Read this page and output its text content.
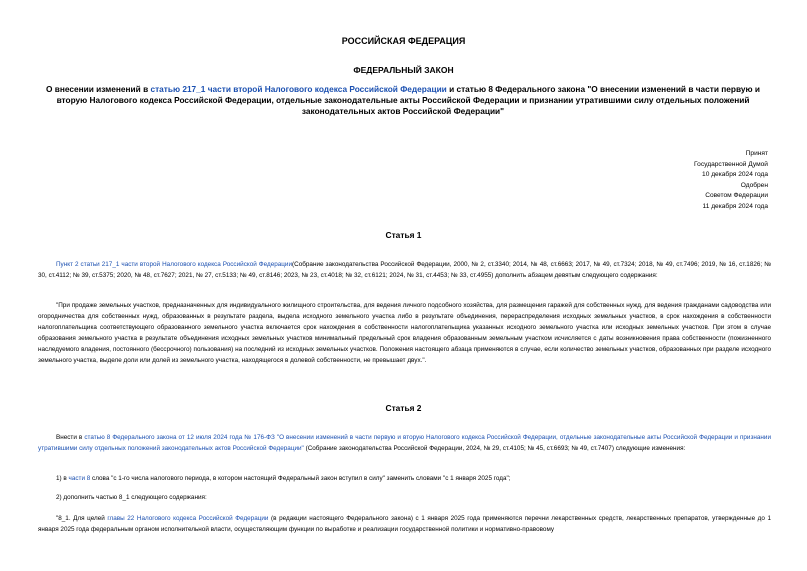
РОССИЙСКАЯ ФЕДЕРАЦИЯ
ФЕДЕРАЛЬНЫЙ ЗАКОН
О внесении изменений в статью 217_1 части второй Налогового кодекса Российской Федерации и статью 8 Федерального закона "О внесении изменений в части первую и вторую Налогового кодекса Российской Федерации, отдельные законодательные акты Российской Федерации и признании утратившими силу отдельных положений законодательных актов Российской Федерации"
Принят
Государственной Думой
10 декабря 2024 года
Одобрен
Советом Федерации
11 декабря 2024 года
Статья 1
Пункт 2 статьи 217_1 части второй Налогового кодекса Российской Федерации(Собрание законодательства Российской Федерации, 2000, № 2, ст.3340; 2014, № 48, ст.6663; 2017, № 49, ст.7324; 2018, № 49, ст.7496; 2019, № 16, ст.1826; № 30, ст.4112; № 39, ст.5375; 2020, № 48, ст.7627; 2021, № 27, ст.5133; № 49, ст.8146; 2023, № 23, ст.4018; № 32, ст.6121; 2024, № 31, ст.4453; № 33, ст.4955) дополнить абзацем девятым следующего содержания:
"При продаже земельных участков, предназначенных для индивидуального жилищного строительства, для ведения личного подсобного хозяйства, для размещения гаражей для собственных нужд, для ведения гражданами садоводства или огородничества для собственных нужд, образованных в результате раздела, выдела исходного земельного участка либо в результате объединения, перераспределения исходных земельных участков, в срок нахождения в собственности налогоплательщика соответствующего образованного земельного участка включается срок нахождения в собственности налогоплательщика указанных исходного земельного участка или исходных земельных участков. При этом в случае образования земельного участка в результате объединения исходных земельных участков минимальный предельный срок владения образованным земельным участком исчисляется с даты возникновения права собственности (пожизненного наследуемого владения, постоянного (бессрочного) пользования) на последний из исходных земельных участков. Положения настоящего абзаца применяются в случае, если количество земельных участков, образованных при разделе исходного земельного участка, выделе доли или долей из земельного участка, находящегося в долевой собственности, не превышает двух.".
Статья 2
Внести в статью 8 Федерального закона от 12 июля 2024 года № 176-ФЗ "О внесении изменений в части первую и вторую Налогового кодекса Российской Федерации, отдельные законодательные акты Российской Федерации и признании утратившими силу отдельных положений законодательных актов Российской Федерации" (Собрание законодательства Российской Федерации, 2024, № 29, ст.4105; № 45, ст.6693; № 49, ст.7407) следующие изменения:
1) в части 8 слова "с 1-го числа налогового периода, в котором настоящий Федеральный закон вступил в силу" заменить словами "с 1 января 2025 года";
2) дополнить частью 8_1 следующего содержания:
"8_1. Для целей главы 22 Налогового кодекса Российской Федерации (в редакции настоящего Федерального закона) с 1 января 2025 года применяются перечни лекарственных средств, лекарственных препаратов, утвержденные до 1 января 2025 года федеральным органом исполнительной власти, осуществляющим функции по выработке и реализации государственной политики и нормативно-правовому
